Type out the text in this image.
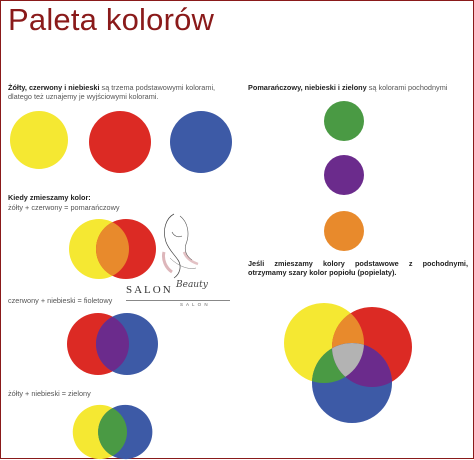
Paleta kolorów
Żółty, czerwony i niebieski są trzema podstawowymi kolorami,
dlatego też uznajemy je wyjściowymi kolorami.
Kiedy zmieszamy kolor:
żółty + czerwony = pomarańczowy
czerwony + niebieski = fioletowy
żółty + niebieski = zielony
SALON Beauty
S A L O N
Pomarańczowy, niebieski i zielony są kolorami pochodnymi
Jeśli zmieszamy kolory podstawowe z pochodnymi,
otrzymamy szary kolor popiołu (popielaty).
